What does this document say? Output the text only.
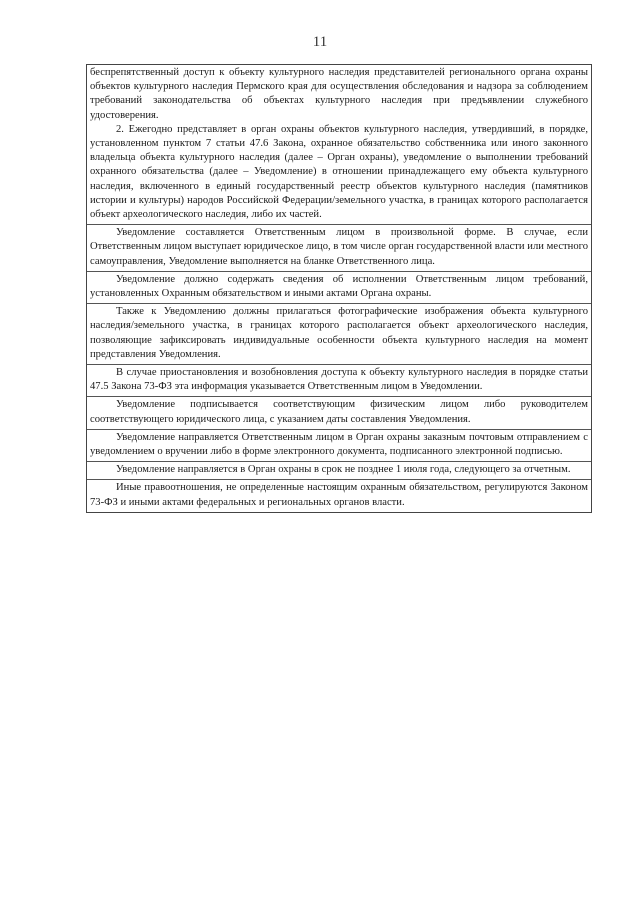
11

беспрепятственный доступ к объекту культурного наследия представителей регионального органа охраны объектов культурного наследия Пермского края для осуществления обследования и надзора за соблюдением требований законодательства об объектах культурного наследия при предъявлении служебного удостоверения.

2. Ежегодно представляет в орган охраны объектов культурного наследия, утвердивший, в порядке, установленном пунктом 7 статьи 47.6 Закона, охранное обязательство собственника или иного законного владельца объекта культурного наследия (далее – Орган охраны), уведомление о выполнении требований охранного обязательства (далее – Уведомление) в отношении принадлежащего ему объекта культурного наследия, включенного в единый государственный реестр объектов культурного наследия (памятников истории и культуры) народов Российской Федерации/земельного участка, в границах которого располагается объект археологического наследия, либо их частей.

Уведомление составляется Ответственным лицом в произвольной форме. В случае, если Ответственным лицом выступает юридическое лицо, в том числе орган государственной власти или местного самоуправления, Уведомление выполняется на бланке Ответственного лица.

Уведомление должно содержать сведения об исполнении Ответственным лицом требований, установленных Охранным обязательством и иными актами Органа охраны.

Также к Уведомлению должны прилагаться фотографические изображения объекта культурного наследия/земельного участка, в границах которого располагается объект археологического наследия, позволяющие зафиксировать индивидуальные особенности объекта культурного наследия на момент представления Уведомления.

В случае приостановления и возобновления доступа к объекту культурного наследия в порядке статьи 47.5 Закона 73-ФЗ эта информация указывается Ответственным лицом в Уведомлении.

Уведомление подписывается соответствующим физическим лицом либо руководителем соответствующего юридического лица, с указанием даты составления Уведомления.

Уведомление направляется Ответственным лицом в Орган охраны заказным почтовым отправлением с уведомлением о вручении либо в форме электронного документа, подписанного электронной подписью.

Уведомление направляется в Орган охраны в срок не позднее 1 июля года, следующего за отчетным.

Иные правоотношения, не определенные настоящим охранным обязательством, регулируются Законом 73-ФЗ и иными актами федеральных и региональных органов власти.
